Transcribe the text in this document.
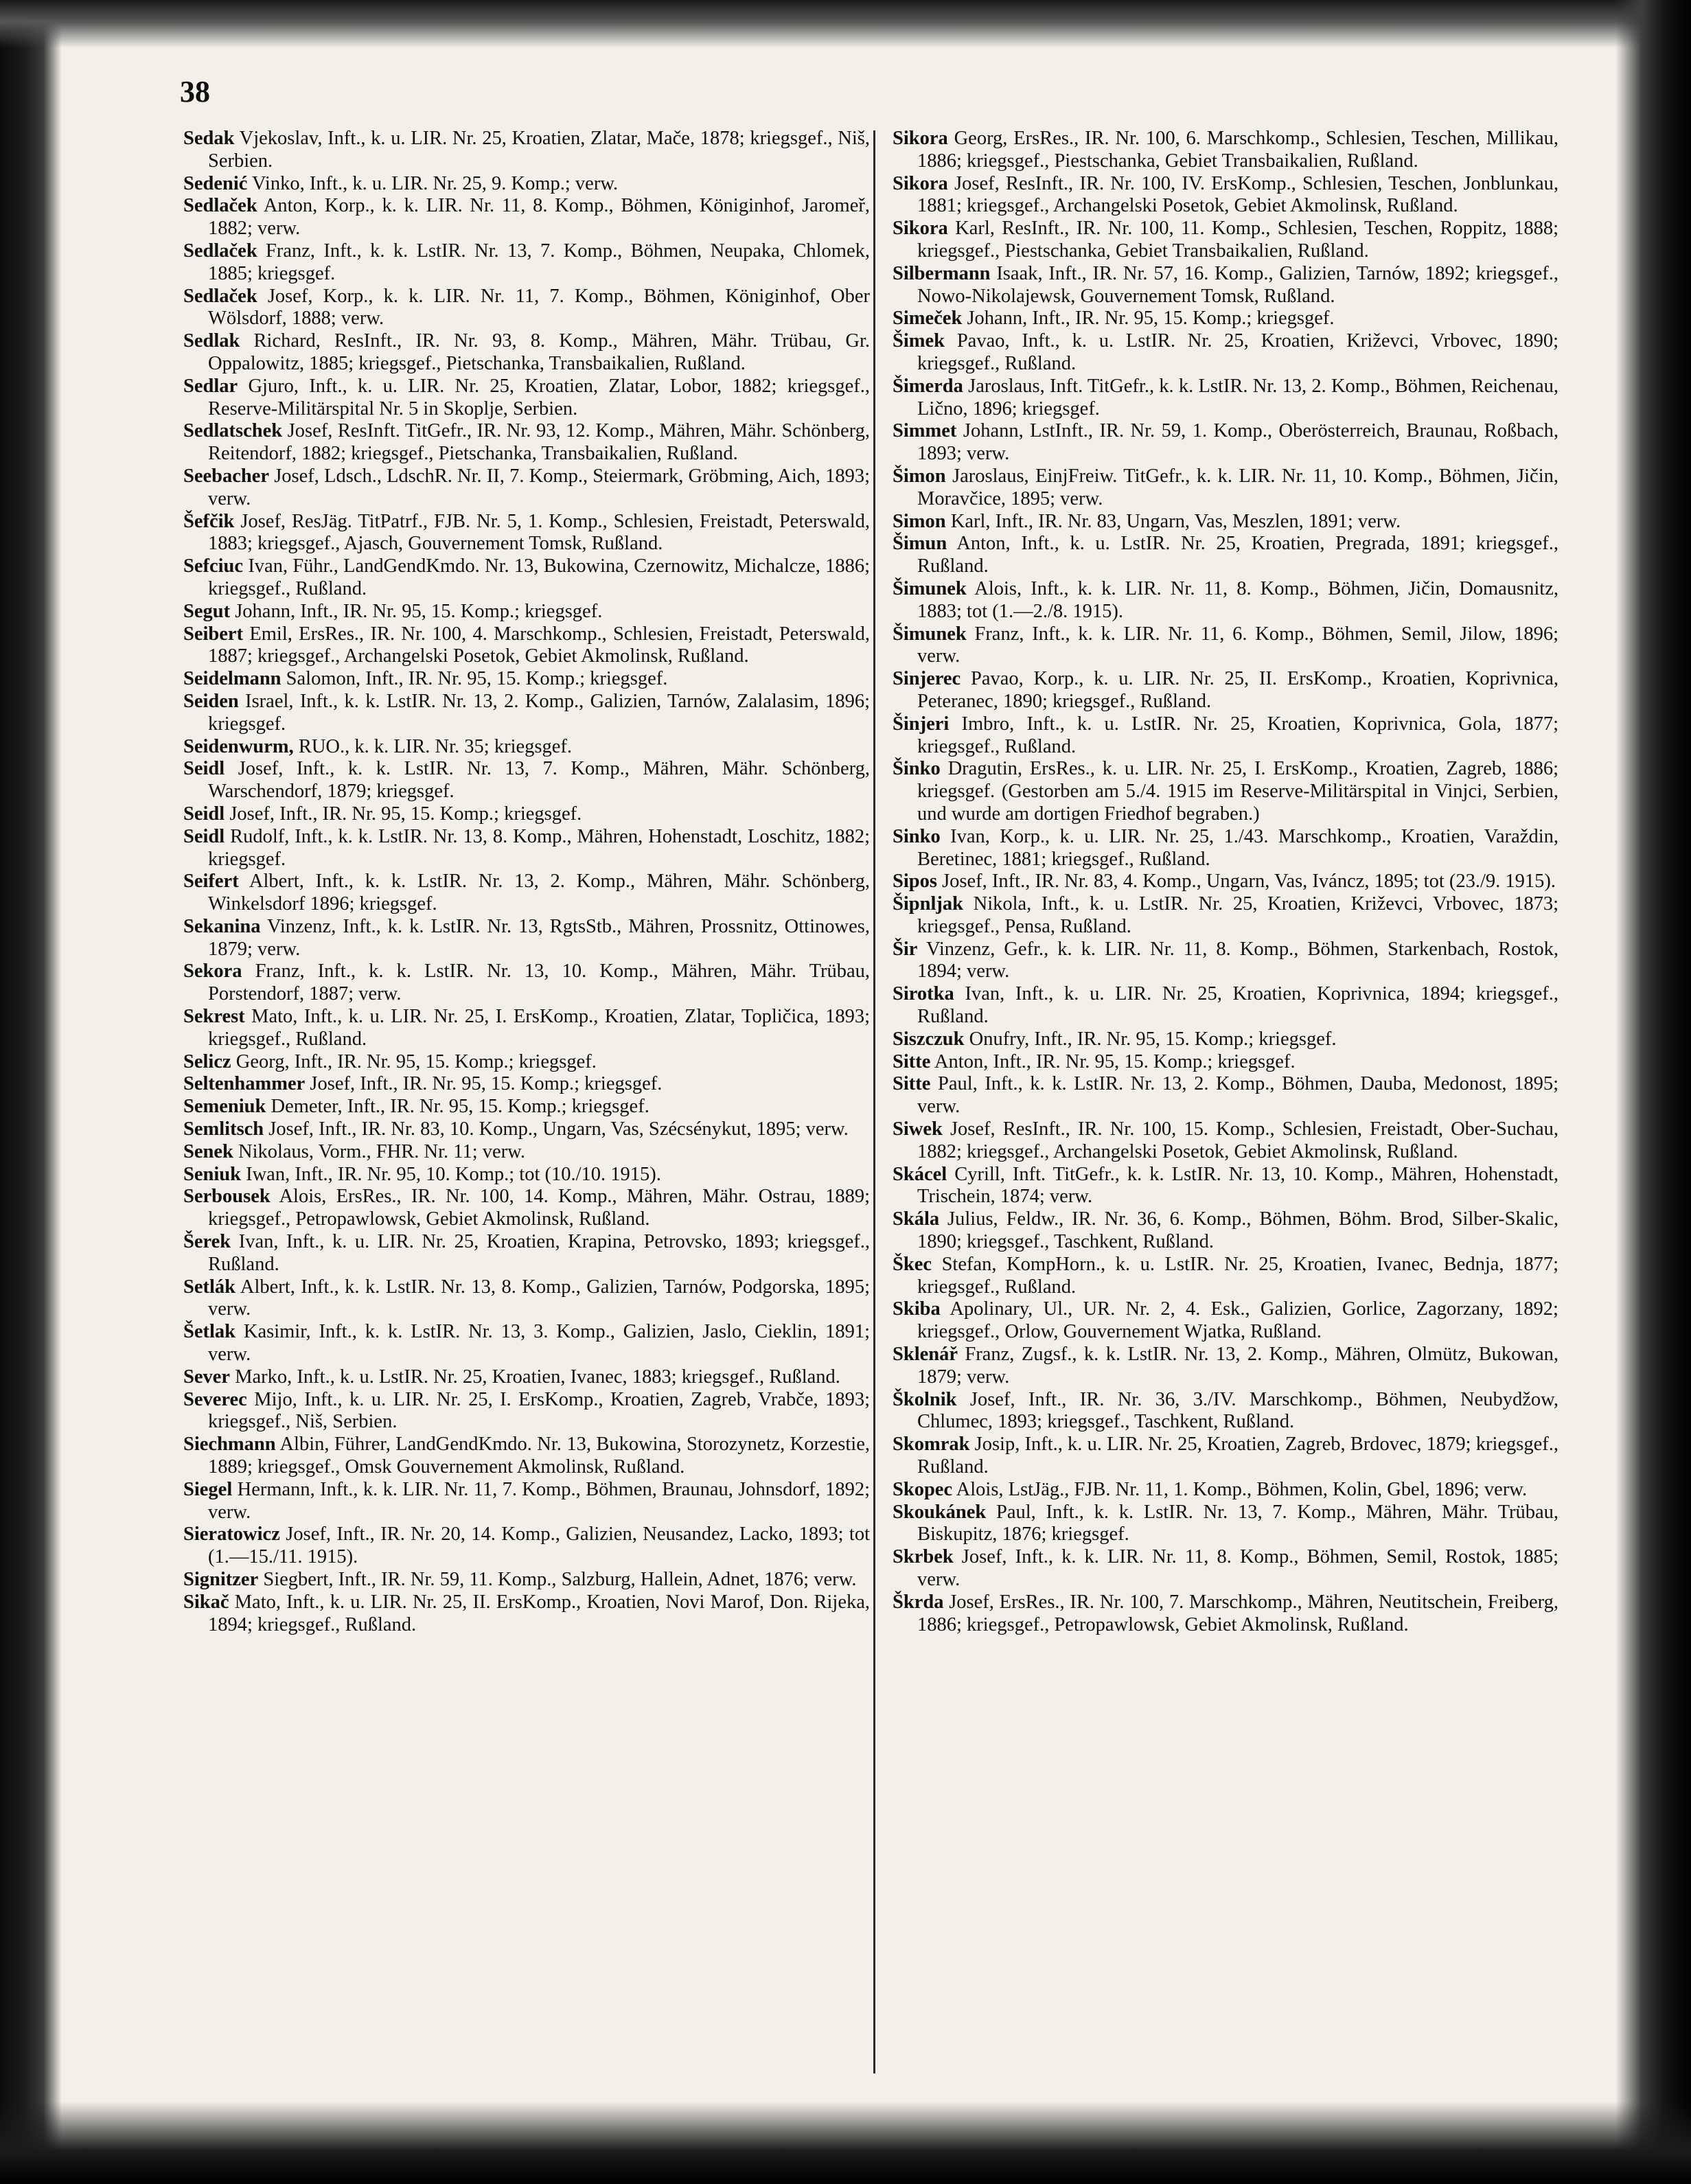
38

Sedak Vjekoslav, Inft., k. u. LIR. Nr. 25, Kroatien, Zlatar, Mače, 1878; kriegsgef., Niš, Serbien.

Sedenić Vinko, Inft., k. u. LIR. Nr. 25, 9. Komp.; verw.

Sedlaček Anton, Korp., k. k. LIR. Nr. 11, 8. Komp., Böhmen, Königinhof, Jaromeř, 1882; verw.

Sedlaček Franz, Inft., k. k. LstIR. Nr. 13, 7. Komp., Böhmen, Neupaka, Chlomek, 1885; kriegsgef.

Sedlaček Josef, Korp., k. k. LIR. Nr. 11, 7. Komp., Böhmen, Königinhof, Ober Wölsdorf, 1888; verw.

Sedlak Richard, ResInft., IR. Nr. 93, 8. Komp., Mähren, Mähr. Trübau, Gr. Oppalowitz, 1885; kriegsgef., Pietschanka, Transbaikalien, Rußland.

Sedlar Gjuro, Inft., k. u. LIR. Nr. 25, Kroatien, Zlatar, Lobor, 1882; kriegsgef., Reserve-Militärspital Nr. 5 in Skoplje, Serbien.

Sedlatschek Josef, ResInft. TitGefr., IR. Nr. 93, 12. Komp., Mähren, Mähr. Schönberg, Reitendorf, 1882; kriegsgef., Pietschanka, Transbaikalien, Rußland.

Seebacher Josef, Ldsch., LdschR. Nr. II, 7. Komp., Steiermark, Gröbming, Aich, 1893; verw.

Šefčik Josef, ResJäg. TitPatrf., FJB. Nr. 5, 1. Komp., Schlesien, Freistadt, Peterswald, 1883; kriegsgef., Ajasch, Gouvernement Tomsk, Rußland.

Sefciuc Ivan, Führ., LandGendKmdo. Nr. 13, Bukowina, Czernowitz, Michalcze, 1886; kriegsgef., Rußland.

Segut Johann, Inft., IR. Nr. 95, 15. Komp.; kriegsgef.

Seibert Emil, ErsRes., IR. Nr. 100, 4. Marschkomp., Schlesien, Freistadt, Peterswald, 1887; kriegsgef., Archangelski Posetok, Gebiet Akmolinsk, Rußland.

Seidelmann Salomon, Inft., IR. Nr. 95, 15. Komp.; kriegsgef.

Seiden Israel, Inft., k. k. LstIR. Nr. 13, 2. Komp., Galizien, Tarnów, Zalalasim, 1896; kriegsgef.

Seidenwurm, RUO., k. k. LIR. Nr. 35; kriegsgef.

Seidl Josef, Inft., k. k. LstIR. Nr. 13, 7. Komp., Mähren, Mähr. Schönberg, Warschendorf, 1879; kriegsgef.

Seidl Josef, Inft., IR. Nr. 95, 15. Komp.; kriegsgef.

Seidl Rudolf, Inft., k. k. LstIR. Nr. 13, 8. Komp., Mähren, Hohenstadt, Loschitz, 1882; kriegsgef.

Seifert Albert, Inft., k. k. LstIR. Nr. 13, 2. Komp., Mähren, Mähr. Schönberg, Winkelsdorf 1896; kriegsgef.

Sekanina Vinzenz, Inft., k. k. LstIR. Nr. 13, RgtsStb., Mähren, Prossnitz, Ottinowes, 1879; verw.

Sekora Franz, Inft., k. k. LstIR. Nr. 13, 10. Komp., Mähren, Mähr. Trübau, Porstendorf, 1887; verw.

Sekrest Mato, Inft., k. u. LIR. Nr. 25, I. ErsKomp., Kroatien, Zlatar, Topličica, 1893; kriegsgef., Rußland.

Selicz Georg, Inft., IR. Nr. 95, 15. Komp.; kriegsgef.

Seltenhammer Josef, Inft., IR. Nr. 95, 15. Komp.; kriegsgef.

Semeniuk Demeter, Inft., IR. Nr. 95, 15. Komp.; kriegsgef.

Semlitsch Josef, Inft., IR. Nr. 83, 10. Komp., Ungarn, Vas, Szécsénykut, 1895; verw.

Senek Nikolaus, Vorm., FHR. Nr. 11; verw.

Seniuk Iwan, Inft., IR. Nr. 95, 10. Komp.; tot (10./10. 1915).

Serbousek Alois, ErsRes., IR. Nr. 100, 14. Komp., Mähren, Mähr. Ostrau, 1889; kriegsgef., Petropawlowsk, Gebiet Akmolinsk, Rußland.

Šerek Ivan, Inft., k. u. LIR. Nr. 25, Kroatien, Krapina, Petrovsko, 1893; kriegsgef., Rußland.

Setlák Albert, Inft., k. k. LstIR. Nr. 13, 8. Komp., Galizien, Tarnów, Podgorska, 1895; verw.

Šetlak Kasimir, Inft., k. k. LstIR. Nr. 13, 3. Komp., Galizien, Jaslo, Cieklin, 1891; verw.

Sever Marko, Inft., k. u. LstIR. Nr. 25, Kroatien, Ivanec, 1883; kriegsgef., Rußland.

Severec Mijo, Inft., k. u. LIR. Nr. 25, I. ErsKomp., Kroatien, Zagreb, Vrabče, 1893; kriegsgef., Niš, Serbien.

Siechmann Albin, Führer, LandGendKmdo. Nr. 13, Bukowina, Storozynetz, Korzestie, 1889; kriegsgef., Omsk Gouvernement Akmolinsk, Rußland.

Siegel Hermann, Inft., k. k. LIR. Nr. 11, 7. Komp., Böhmen, Braunau, Johnsdorf, 1892; verw.

Sieratowicz Josef, Inft., IR. Nr. 20, 14. Komp., Galizien, Neusandez, Lacko, 1893; tot (1.—15./11. 1915).

Signitzer Siegbert, Inft., IR. Nr. 59, 11. Komp., Salzburg, Hallein, Adnet, 1876; verw.

Sikač Mato, Inft., k. u. LIR. Nr. 25, II. ErsKomp., Kroatien, Novi Marof, Don. Rijeka, 1894; kriegsgef., Rußland.

Sikora Georg, ErsRes., IR. Nr. 100, 6. Marschkomp., Schlesien, Teschen, Millikau, 1886; kriegsgef., Piestschanka, Gebiet Transbaikalien, Rußland.

Sikora Josef, ResInft., IR. Nr. 100, IV. ErsKomp., Schlesien, Teschen, Jonblunkau, 1881; kriegsgef., Archangelski Posetok, Gebiet Akmolinsk, Rußland.

Sikora Karl, ResInft., IR. Nr. 100, 11. Komp., Schlesien, Teschen, Roppitz, 1888; kriegsgef., Piestschanka, Gebiet Transbaikalien, Rußland.

Silbermann Isaak, Inft., IR. Nr. 57, 16. Komp., Galizien, Tarnów, 1892; kriegsgef., Nowo-Nikolajewsk, Gouvernement Tomsk, Rußland.

Simeček Johann, Inft., IR. Nr. 95, 15. Komp.; kriegsgef.

Šimek Pavao, Inft., k. u. LstIR. Nr. 25, Kroatien, Križevci, Vrbovec, 1890; kriegsgef., Rußland.

Šimerda Jaroslaus, Inft. TitGefr., k. k. LstIR. Nr. 13, 2. Komp., Böhmen, Reichenau, Lično, 1896; kriegsgef.

Simmet Johann, LstInft., IR. Nr. 59, 1. Komp., Oberösterreich, Braunau, Roßbach, 1893; verw.

Šimon Jaroslaus, EinjFreiw. TitGefr., k. k. LIR. Nr. 11, 10. Komp., Böhmen, Jičin, Moravčice, 1895; verw.

Simon Karl, Inft., IR. Nr. 83, Ungarn, Vas, Meszlen, 1891; verw.

Šimun Anton, Inft., k. u. LstIR. Nr. 25, Kroatien, Pregrada, 1891; kriegsgef., Rußland.

Šimunek Alois, Inft., k. k. LIR. Nr. 11, 8. Komp., Böhmen, Jičin, Domausnitz, 1883; tot (1.—2./8. 1915).

Šimunek Franz, Inft., k. k. LIR. Nr. 11, 6. Komp., Böhmen, Semil, Jilow, 1896; verw.

Sinjerec Pavao, Korp., k. u. LIR. Nr. 25, II. ErsKomp., Kroatien, Koprivnica, Peteranec, 1890; kriegsgef., Rußland.

Šinjeri Imbro, Inft., k. u. LstIR. Nr. 25, Kroatien, Koprivnica, Gola, 1877; kriegsgef., Rußland.

Šinko Dragutin, ErsRes., k. u. LIR. Nr. 25, I. ErsKomp., Kroatien, Zagreb, 1886; kriegsgef. (Gestorben am 5./4. 1915 im Reserve-Militärspital in Vinjci, Serbien, und wurde am dortigen Friedhof begraben.)

Sinko Ivan, Korp., k. u. LIR. Nr. 25, 1./43. Marschkomp., Kroatien, Varaždin, Beretinec, 1881; kriegsgef., Rußland.

Sipos Josef, Inft., IR. Nr. 83, 4. Komp., Ungarn, Vas, Iváncz, 1895; tot (23./9. 1915).

Šipnljak Nikola, Inft., k. u. LstIR. Nr. 25, Kroatien, Križevci, Vrbovec, 1873; kriegsgef., Pensa, Rußland.

Šir Vinzenz, Gefr., k. k. LIR. Nr. 11, 8. Komp., Böhmen, Starkenbach, Rostok, 1894; verw.

Sirotka Ivan, Inft., k. u. LIR. Nr. 25, Kroatien, Koprivnica, 1894; kriegsgef., Rußland.

Siszczuk Onufry, Inft., IR. Nr. 95, 15. Komp.; kriegsgef.

Sitte Anton, Inft., IR. Nr. 95, 15. Komp.; kriegsgef.

Sitte Paul, Inft., k. k. LstIR. Nr. 13, 2. Komp., Böhmen, Dauba, Medonost, 1895; verw.

Siwek Josef, ResInft., IR. Nr. 100, 15. Komp., Schlesien, Freistadt, Ober-Suchau, 1882; kriegsgef., Archangelski Posetok, Gebiet Akmolinsk, Rußland.

Skácel Cyrill, Inft. TitGefr., k. k. LstIR. Nr. 13, 10. Komp., Mähren, Hohenstadt, Trischein, 1874; verw.

Skála Julius, Feldw., IR. Nr. 36, 6. Komp., Böhmen, Böhm. Brod, Silber-Skalic, 1890; kriegsgef., Taschkent, Rußland.

Škec Stefan, KompHorn., k. u. LstIR. Nr. 25, Kroatien, Ivanec, Bednja, 1877; kriegsgef., Rußland.

Skiba Apolinary, Ul., UR. Nr. 2, 4. Esk., Galizien, Gorlice, Zagorzany, 1892; kriegsgef., Orlow, Gouvernement Wjatka, Rußland.

Sklenář Franz, Zugsf., k. k. LstIR. Nr. 13, 2. Komp., Mähren, Olmütz, Bukowan, 1879; verw.

Školnik Josef, Inft., IR. Nr. 36, 3./IV. Marschkomp., Böhmen, Neubydžow, Chlumec, 1893; kriegsgef., Taschkent, Rußland.

Skomrak Josip, Inft., k. u. LIR. Nr. 25, Kroatien, Zagreb, Brdovec, 1879; kriegsgef., Rußland.

Skopec Alois, LstJäg., FJB. Nr. 11, 1. Komp., Böhmen, Kolin, Gbel, 1896; verw.

Skoukánek Paul, Inft., k. k. LstIR. Nr. 13, 7. Komp., Mähren, Mähr. Trübau, Biskupitz, 1876; kriegsgef.

Skrbek Josef, Inft., k. k. LIR. Nr. 11, 8. Komp., Böhmen, Semil, Rostok, 1885; verw.

Škrda Josef, ErsRes., IR. Nr. 100, 7. Marschkomp., Mähren, Neutitschein, Freiberg, 1886; kriegsgef., Petropawlowsk, Gebiet Akmolinsk, Rußland.
